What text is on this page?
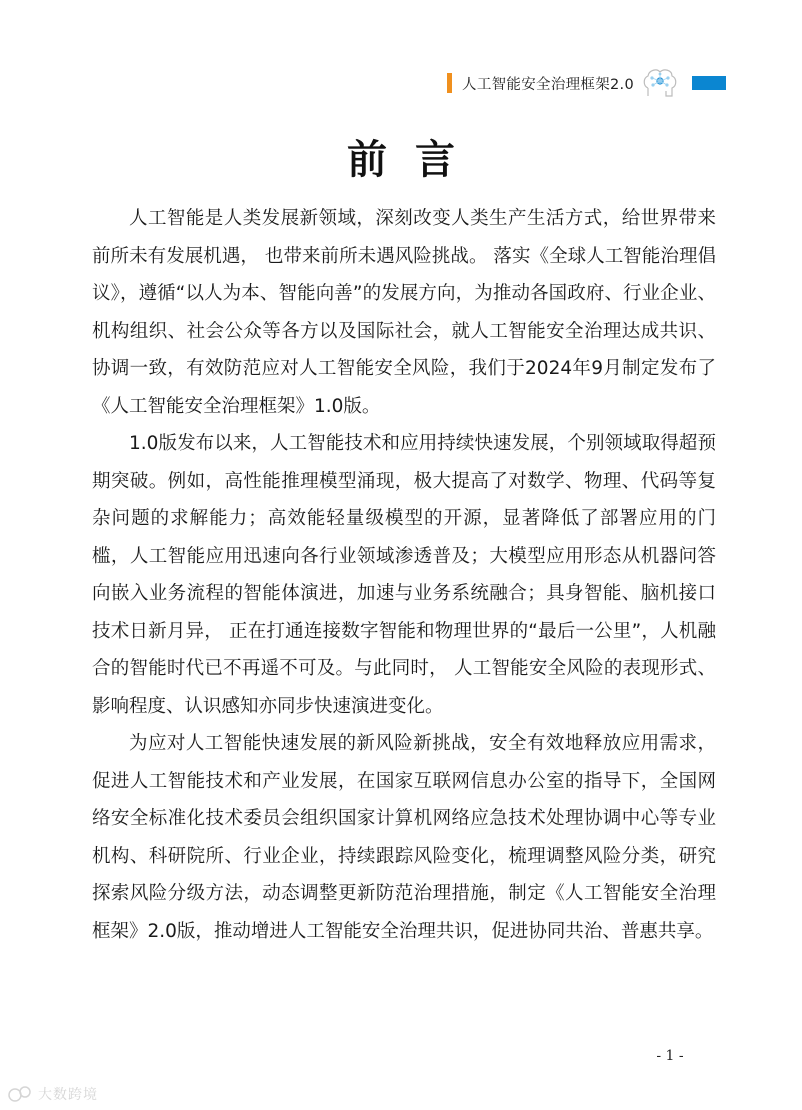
人工智能安全治理框架2.0
前言

人工智能是人类发展新领域，深刻改变人类生产生活方式，给世界带来前所未有发展机遇， 也带来前所未遇风险挑战。 落实《全球人工智能治理倡议》，遵循“以人为本、智能向善”的发展方向，为推动各国政府、行业企业、机构组织、社会公众等各方以及国际社会，就人工智能安全治理达成共识、协调一致，有效防范应对人工智能安全风险，我们于2024年9月制定发布了《人工智能安全治理框架》1.0版。

1.0版发布以来，人工智能技术和应用持续快速发展，个别领域取得超预期突破。例如，高性能推理模型涌现，极大提高了对数学、物理、代码等复杂问题的求解能力；高效能轻量级模型的开源，显著降低了部署应用的门槛，人工智能应用迅速向各行业领域渗透普及；大模型应用形态从机器问答向嵌入业务流程的智能体演进，加速与业务系统融合；具身智能、脑机接口技术日新月异， 正在打通连接数字智能和物理世界的“最后一公里”，人机融合的智能时代已不再遥不可及。与此同时， 人工智能安全风险的表现形式、影响程度、认识感知亦同步快速演进变化。

为应对人工智能快速发展的新风险新挑战，安全有效地释放应用需求，促进人工智能技术和产业发展，在国家互联网信息办公室的指导下，全国网络安全标准化技术委员会组织国家计算机网络应急技术处理协调中心等专业机构、科研院所、行业企业，持续跟踪风险变化，梳理调整风险分类，研究探索风险分级方法，动态调整更新防范治理措施，制定《人工智能安全治理框架》2.0版，推动增进人工智能安全治理共识，促进协同共治、普惠共享。

- 1 -
大数跨境
